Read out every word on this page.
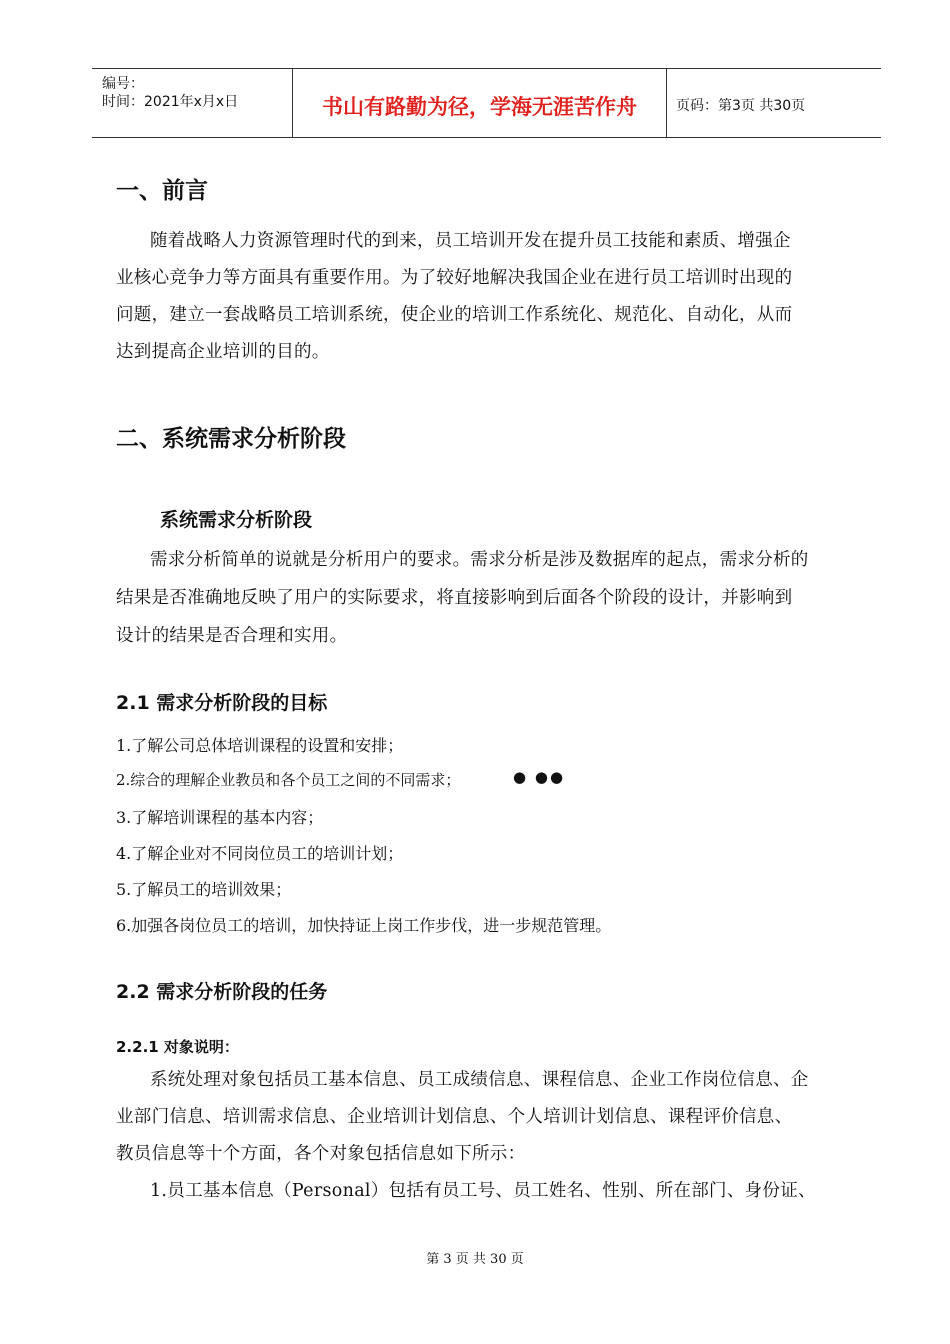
编号：
时间：2021年x月x日	书山有路勤为径，学海无涯苦作舟	页码：第3页 共30页
一、前言
随着战略人力资源管理时代的到来，员工培训开发在提升员工技能和素质、增强企
业核心竞争力等方面具有重要作用。为了较好地解决我国企业在进行员工培训时出现的
问题，建立一套战略员工培训系统，使企业的培训工作系统化、规范化、自动化，从而
达到提高企业培训的目的。
二、系统需求分析阶段
系统需求分析阶段
需求分析简单的说就是分析用户的要求。需求分析是涉及数据库的起点，需求分析的
结果是否准确地反映了用户的实际要求，将直接影响到后面各个阶段的设计，并影响到
设计的结果是否合理和实用。
2.1 需求分析阶段的目标
1.了解公司总体培训课程的设置和安排；
2.综合的理解企业教员和各个员工之间的不同需求；	● ●●
3.了解培训课程的基本内容；
4.了解企业对不同岗位员工的培训计划；
5.了解员工的培训效果；
6.加强各岗位员工的培训，加快持证上岗工作步伐，进一步规范管理。
2.2 需求分析阶段的任务
2.2.1 对象说明：
系统处理对象包括员工基本信息、员工成绩信息、课程信息、企业工作岗位信息、企
业部门信息、培训需求信息、企业培训计划信息、个人培训计划信息、课程评价信息、
教员信息等十个方面，各个对象包括信息如下所示：
1.员工基本信息（Personal）包括有员工号、员工姓名、性别、所在部门、身份证、
第 3 页 共 30 页
